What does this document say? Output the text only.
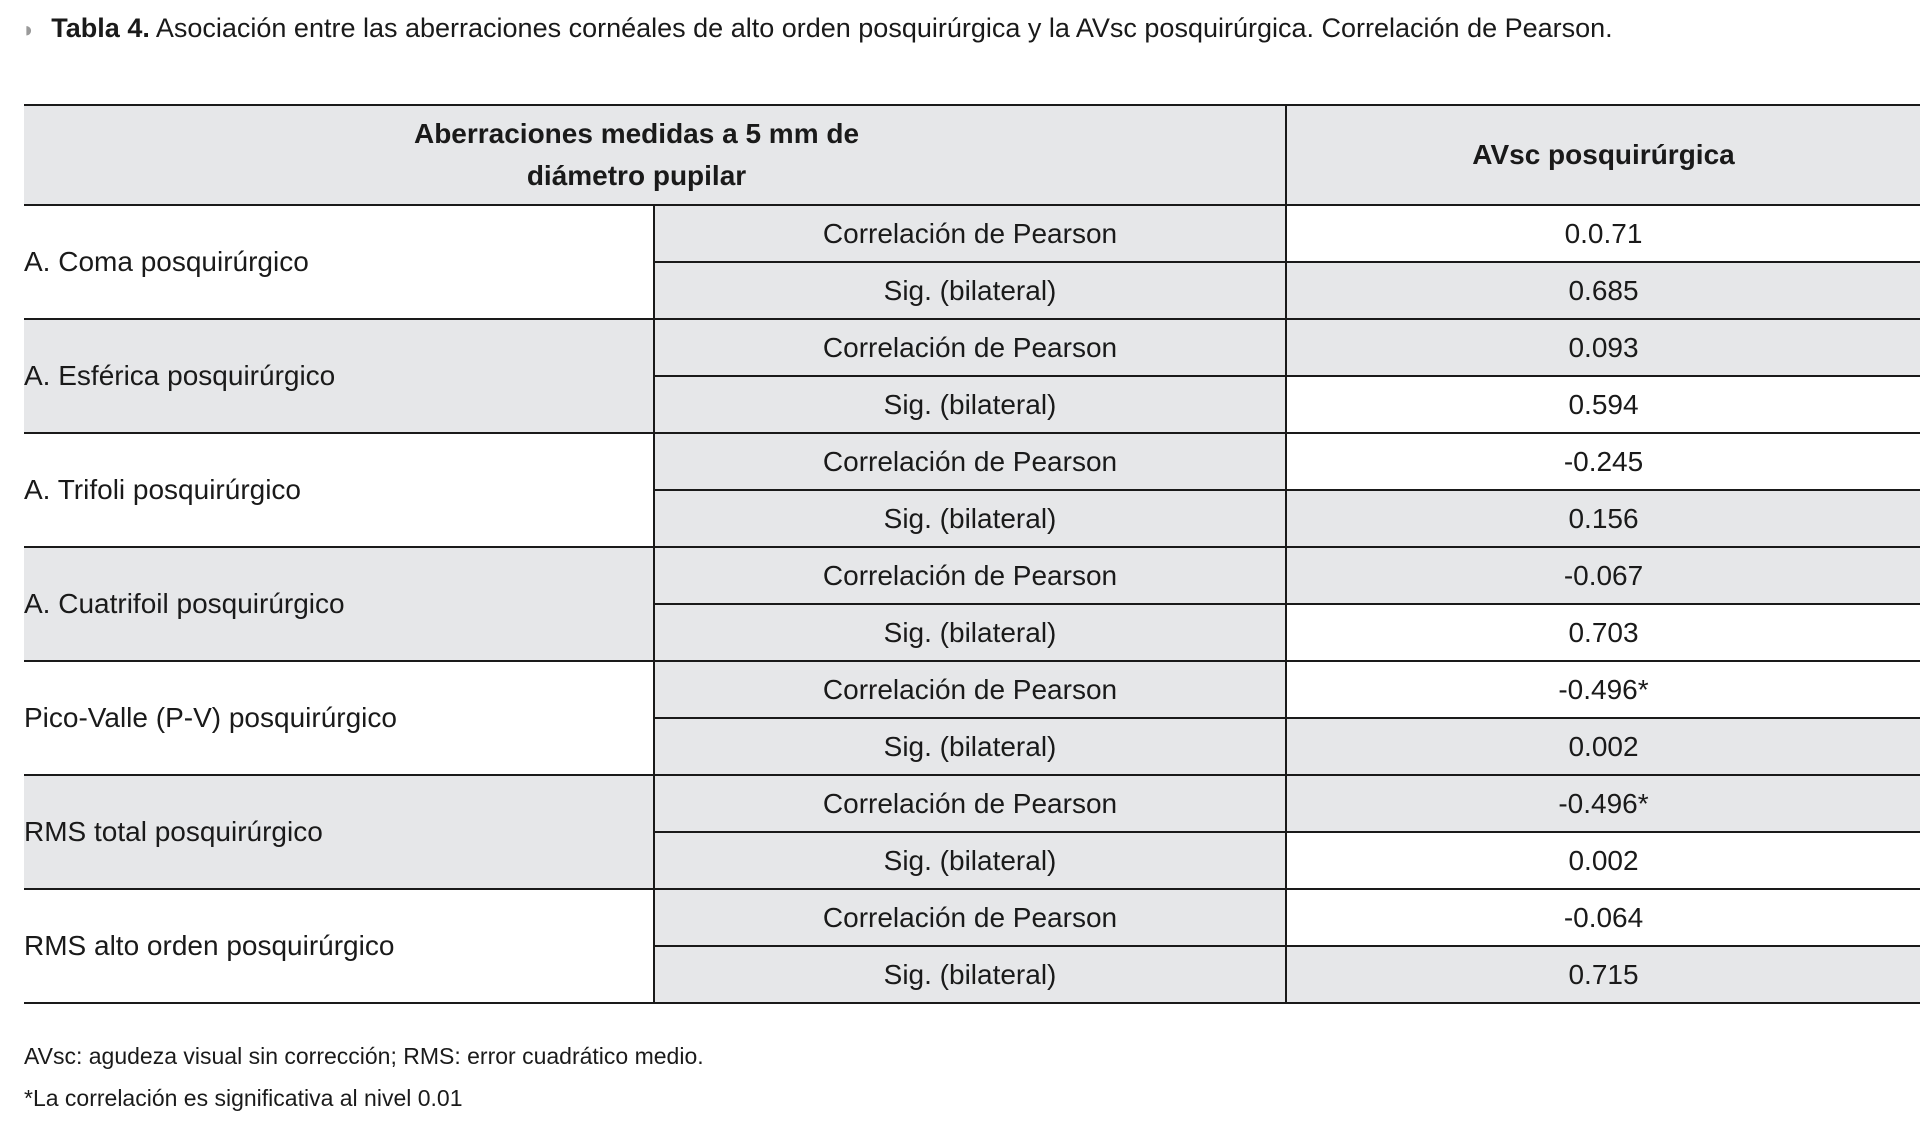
◗ Tabla 4. Asociación entre las aberraciones cornéales de alto orden posquirúrgica y la AVsc posquirúrgica. Correlación de Pearson.
Aberraciones medidas a 5 mm de
diámetro pupilar		AVsc posquirúrgica
A. Coma posquirúrgico	Correlación de Pearson	0.0.71
	Sig. (bilateral)	0.685
A. Esférica posquirúrgico	Correlación de Pearson	0.093
	Sig. (bilateral)	0.594
A. Trifoli posquirúrgico	Correlación de Pearson	-0.245
	Sig. (bilateral)	0.156
A. Cuatrifoil posquirúrgico	Correlación de Pearson	-0.067
	Sig. (bilateral)	0.703
Pico-Valle (P-V) posquirúrgico	Correlación de Pearson	-0.496*
	Sig. (bilateral)	0.002
RMS total posquirúrgico	Correlación de Pearson	-0.496*
	Sig. (bilateral)	0.002
RMS alto orden posquirúrgico	Correlación de Pearson	-0.064
	Sig. (bilateral)	0.715
AVsc: agudeza visual sin corrección; RMS: error cuadrático medio.
*La correlación es significativa al nivel 0.01
